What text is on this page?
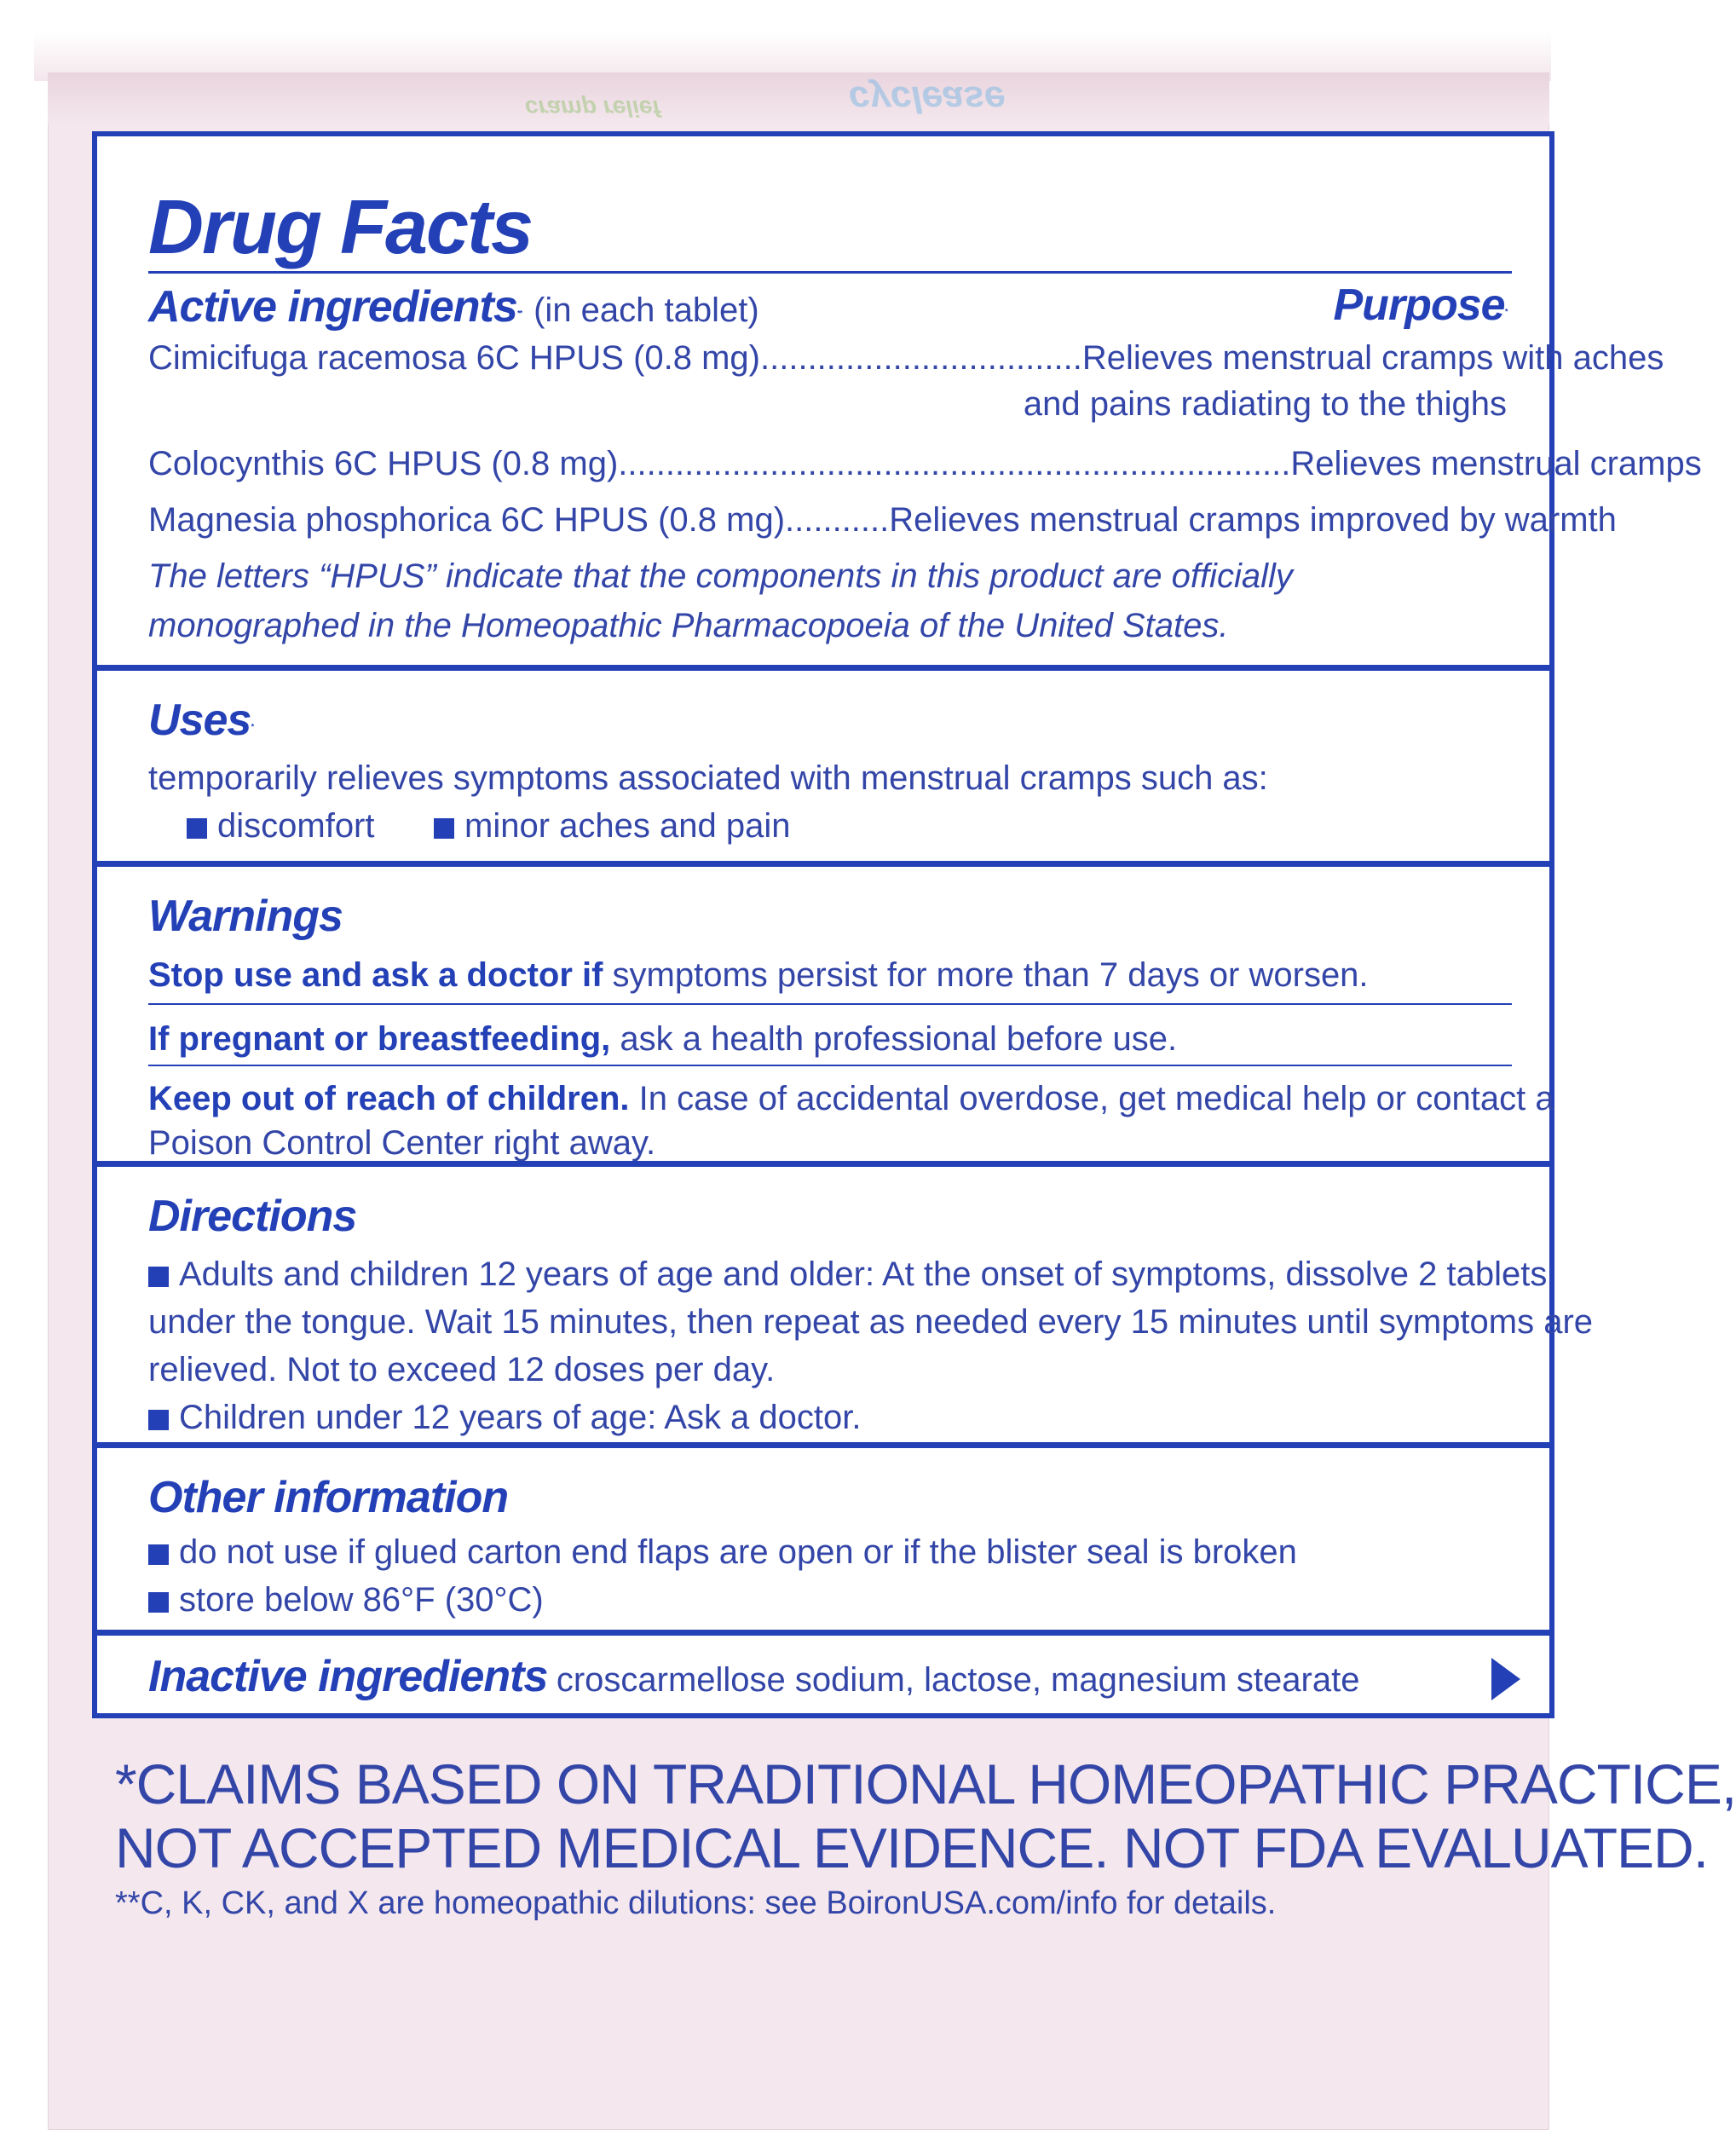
cyclease
cramp relief
Drug Facts
Active ingredients** (in each tablet)	Purpose*
Cimicifuga racemosa 6C HPUS (0.8 mg)..................................Relieves menstrual cramps with aches
and pains radiating to the thighs
Colocynthis 6C HPUS (0.8 mg).......................................................................Relieves menstrual cramps
Magnesia phosphorica 6C HPUS (0.8 mg)...........Relieves menstrual cramps improved by warmth
The letters “HPUS” indicate that the components in this product are officially
monographed in the Homeopathic Pharmacopoeia of the United States.
Uses*
temporarily relieves symptoms associated with menstrual cramps such as:
discomfort	minor aches and pain
Warnings
Stop use and ask a doctor if symptoms persist for more than 7 days or worsen.
If pregnant or breastfeeding, ask a health professional before use.
Keep out of reach of children. In case of accidental overdose, get medical help or contact a
Poison Control Center right away.
Directions
Adults and children 12 years of age and older: At the onset of symptoms, dissolve 2 tablets
under the tongue. Wait 15 minutes, then repeat as needed every 15 minutes until symptoms are
relieved. Not to exceed 12 doses per day.
Children under 12 years of age: Ask a doctor.
Other information
do not use if glued carton end flaps are open or if the blister seal is broken
store below 86°F (30°C)
Inactive ingredients croscarmellose sodium, lactose, magnesium stearate
*CLAIMS BASED ON TRADITIONAL HOMEOPATHIC PRACTICE,
NOT ACCEPTED MEDICAL EVIDENCE. NOT FDA EVALUATED.
**C, K, CK, and X are homeopathic dilutions: see BoironUSA.com/info for details.
